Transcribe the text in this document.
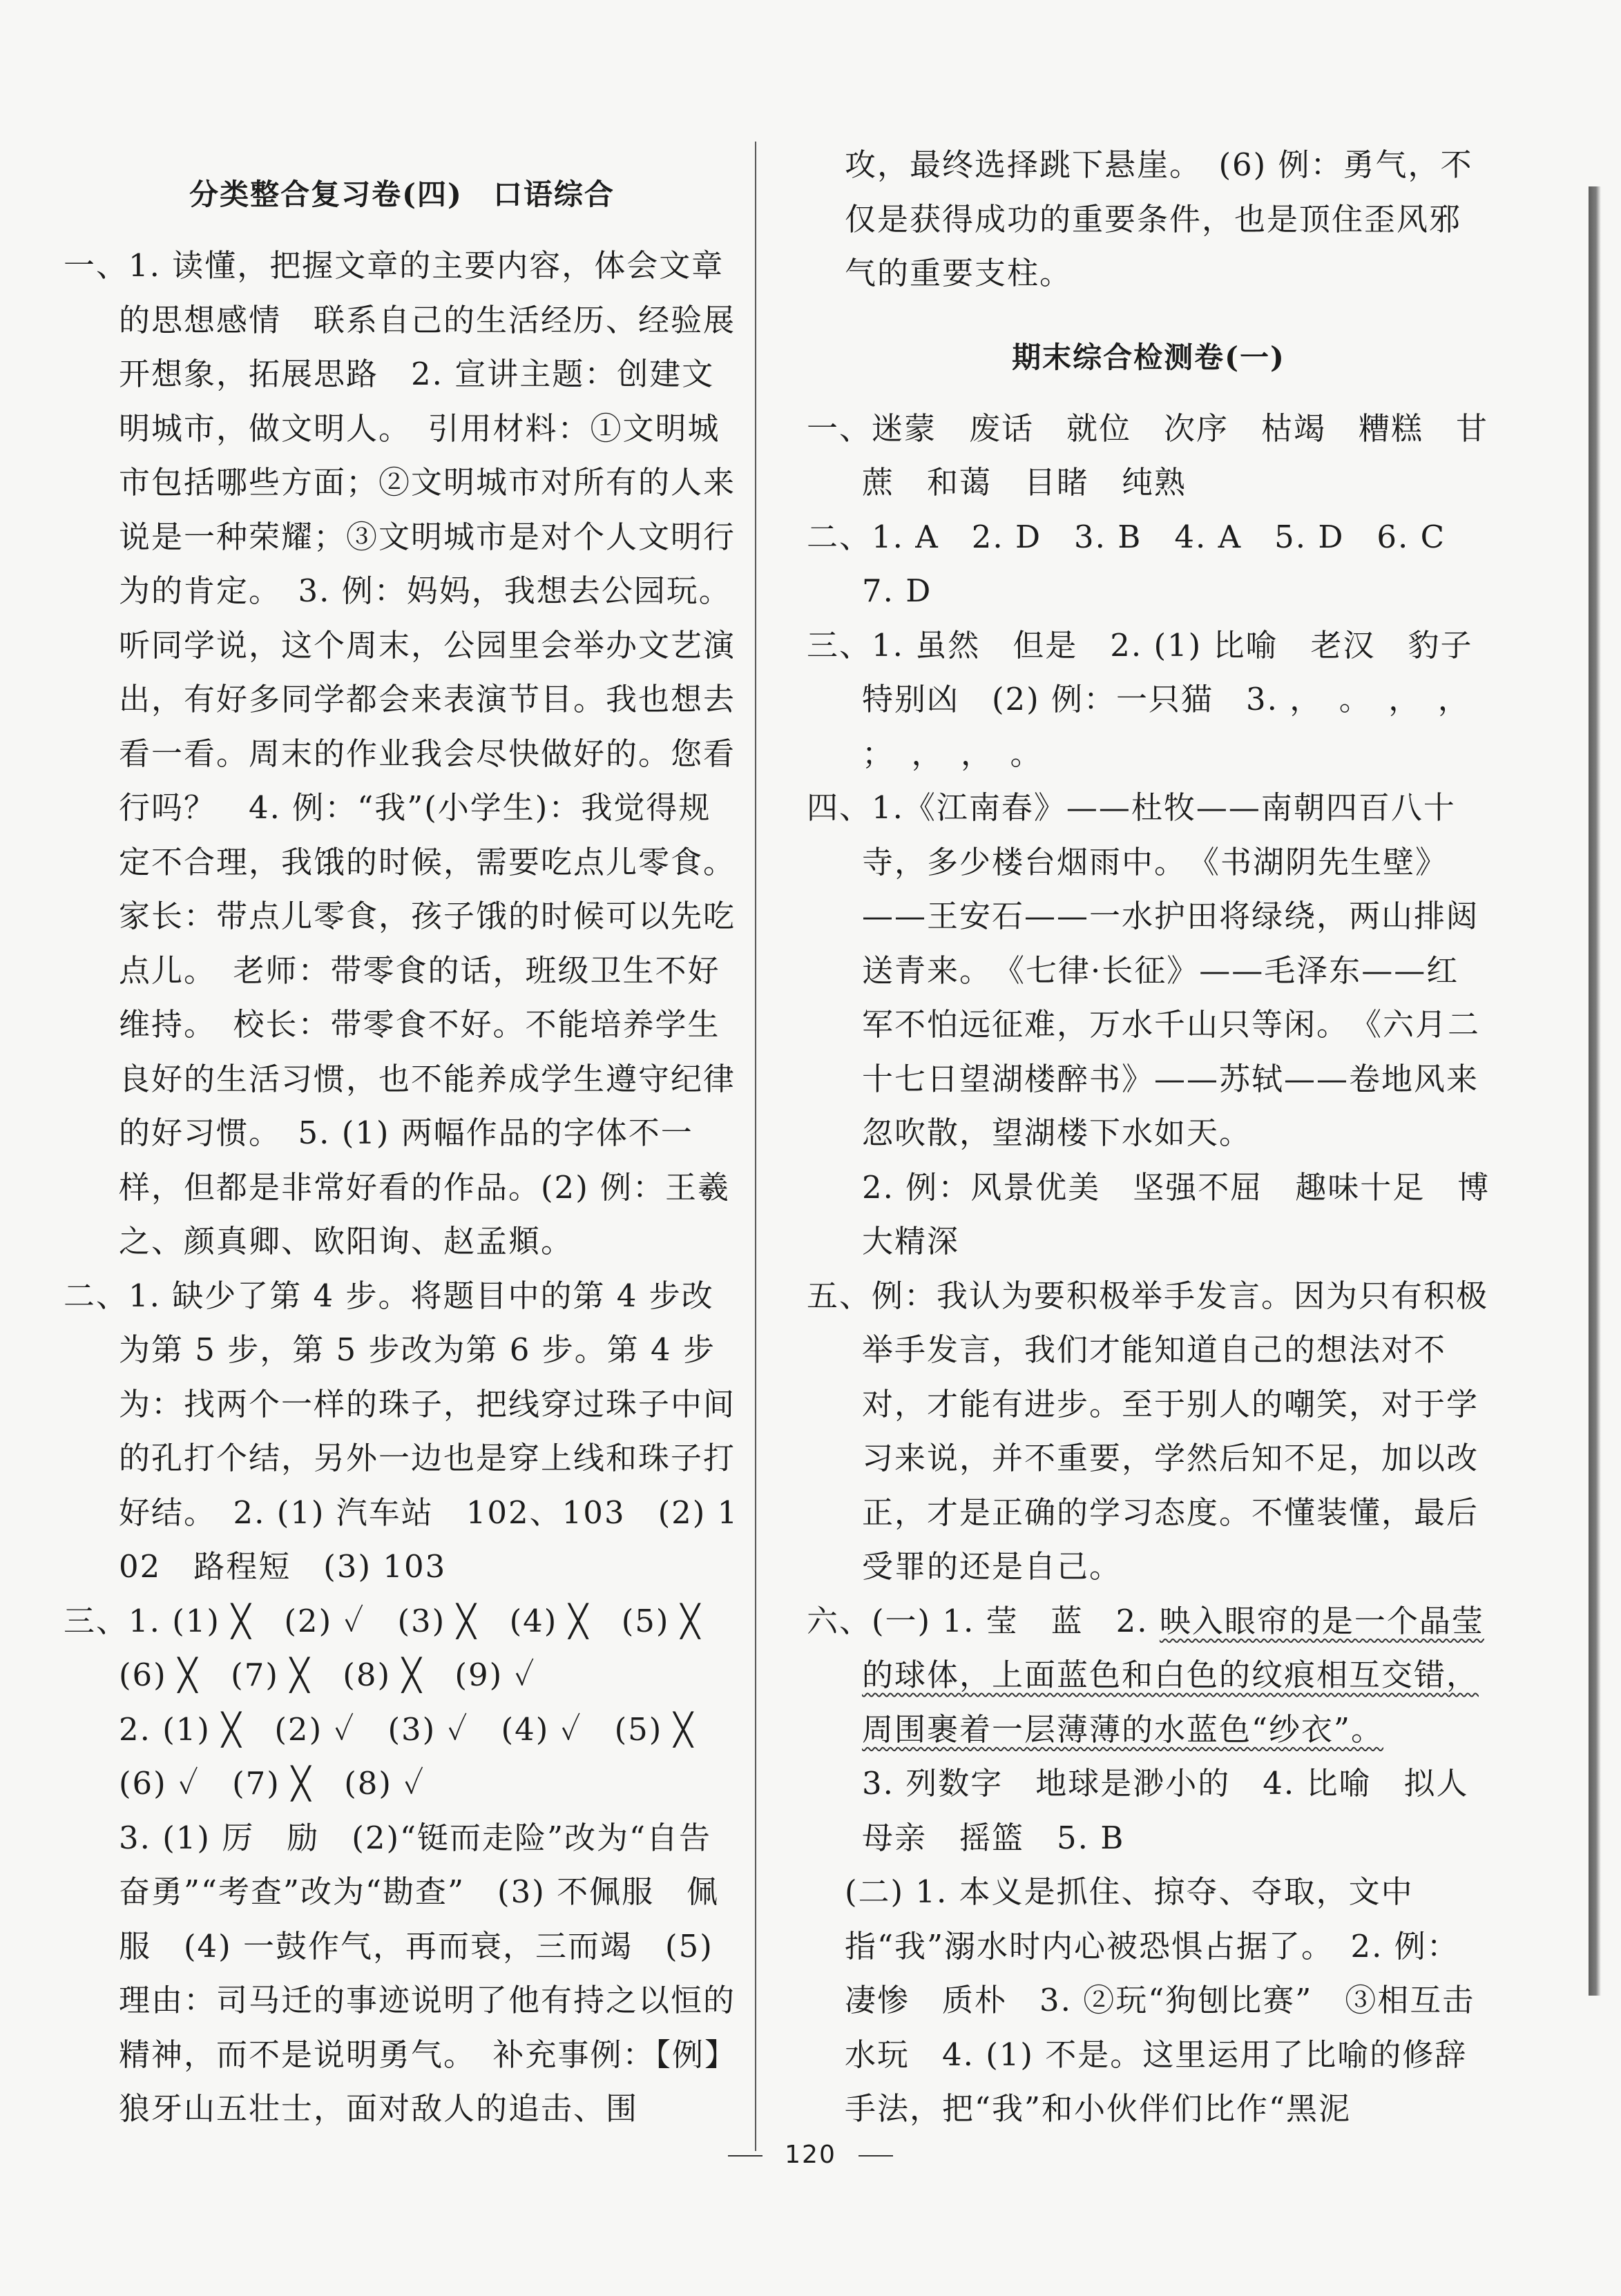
分类整合复习卷(四)　口语综合

一、1. 读懂，把握文章的主要内容，体会文章的思想感情　联系自己的生活经历、经验展开想象，拓展思路　2. 宣讲主题：创建文明城市，做文明人。　引用材料：①文明城市包括哪些方面；②文明城市对所有的人来说是一种荣耀；③文明城市是对个人文明行为的肯定。　3. 例：妈妈，我想去公园玩。听同学说，这个周末，公园里会举办文艺演出，有好多同学都会来表演节目。我也想去看一看。周末的作业我会尽快做好的。您看行吗？　4. 例：“我”(小学生)：我觉得规定不合理，我饿的时候，需要吃点儿零食。　家长：带点儿零食，孩子饿的时候可以先吃点儿。　老师：带零食的话，班级卫生不好维持。　校长：带零食不好。不能培养学生良好的生活习惯，也不能养成学生遵守纪律的好习惯。　5. (1) 两幅作品的字体不一样，但都是非常好看的作品。(2) 例：王羲之、颜真卿、欧阳询、赵孟頫。

二、1. 缺少了第 4 步。将题目中的第 4 步改为第 5 步，第 5 步改为第 6 步。第 4 步为：找两个一样的珠子，把线穿过珠子中间的孔打个结，另外一边也是穿上线和珠子打好结。　2. (1) 汽车站　102、103　(2) 102　路程短　(3) 103

三、1. (1) ╳　(2) ✓　(3) ╳　(4) ╳　(5) ╳　(6) ╳　(7) ╳　(8) ╳　(9) ✓

2. (1) ╳　(2) ✓　(3) ✓　(4) ✓　(5) ╳　(6) ✓　(7) ╳　(8) ✓

3. (1) 厉　励　(2)“铤而走险”改为“自告奋勇”“考查”改为“勘查”　(3) 不佩服　佩服　(4) 一鼓作气，再而衰，三而竭　(5) 理由：司马迁的事迹说明了他有持之以恒的精神，而不是说明勇气。　补充事例：【例】狼牙山五壮士，面对敌人的追击、围

攻，最终选择跳下悬崖。　(6) 例：勇气，不仅是获得成功的重要条件，也是顶住歪风邪气的重要支柱。

期末综合检测卷(一)

一、迷蒙　废话　就位　次序　枯竭　糟糕　甘蔗　和蔼　目睹　纯熟

二、1. A　2. D　3. B　4. A　5. D　6. C　7. D

三、1. 虽然　但是　2. (1) 比喻　老汉　豹子　特别凶　(2) 例：一只猫　3. ，　。　，　，　；　，　，　。

四、1.《江南春》——杜牧——南朝四百八十寺，多少楼台烟雨中。　《书湖阴先生壁》——王安石——一水护田将绿绕，两山排闼送青来。　《七律·长征》——毛泽东——红军不怕远征难，万水千山只等闲。　《六月二十七日望湖楼醉书》——苏轼——卷地风来忽吹散，望湖楼下水如天。

2. 例：风景优美　坚强不屈　趣味十足　博大精深

五、例：我认为要积极举手发言。因为只有积极举手发言，我们才能知道自己的想法对不对，才能有进步。至于别人的嘲笑，对于学习来说，并不重要，学然后知不足，加以改正，才是正确的学习态度。不懂装懂，最后受罪的还是自己。

六、(一) 1. 莹　蓝　2. 映入眼帘的是一个晶莹的球体，上面蓝色和白色的纹痕相互交错，周围裹着一层薄薄的水蓝色“纱衣”。

3. 列数字　地球是渺小的　4. 比喻　拟人　母亲　摇篮　5. B

(二) 1. 本义是抓住、掠夺、夺取，文中指“我”溺水时内心被恐惧占据了。　2. 例：凄惨　质朴　3. ②玩“狗刨比赛”　③相互击水玩　4. (1) 不是。这里运用了比喻的修辞手法，把“我”和小伙伴们比作“黑泥

120
